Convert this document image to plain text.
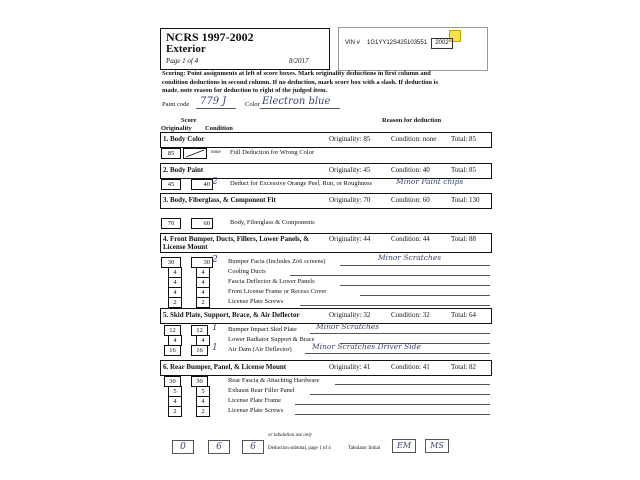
NCRS 1997-2002
Exterior
Page 1 of 4	8/2017
VIN # 1G1YY12S425103551	2002
Scoring: Point assignments at left of score boxes. Mark originality deductions in first column and
condition deductions in second column. If no deduction, mark score box with a slash. If deduction is
made, note reason for deduction to right of the judged item.
Paint code 779 J	Color Electron blue
Score
Originality Condition
Reason for deduction
1. Body Color	Originality: 85	Condition: none Total: 85
85	none Full Deduction for Wrong Color
2. Body Paint	Originality: 45	Condition: 40	Total: 85
45	40 2 Deduct for Excessive Orange Peel, Run, or Roughness	Minor Paint chips
3. Body, Fiberglass, & Component Fit	Originality: 70	Condition: 60	Total: 130
70	60	Body, Fiberglass & Components
4. Front Bumper, Ducts, Fillers, Lower Panels, &
License Mount
Originality: 44	Condition: 44	Total: 88
30	30 2 Bumper Facia (Includes Zo6 screens)	Minor Scratches
4	4	Cooling Ducts
4	4	Fascia Deflector & Lower Panels
4	4	Front License Frame or Recess Cover
2	2	License Plate Screws
5. Skid Plate, Support, Brace, & Air Deflector	Originality: 32	Condition: 32	Total: 64
12	12	1 Bumper Impact Skid Plate	Minor Scratches
4	4	Lower Radiator Support & Brace
16	16	1 Air Dam (Air Deflector)	Minor Scratches Driver Side
6. Rear Bumper, Panel, & License Mount	Originality: 41	Condition: 41	Total: 82
30	30	Rear Fascia & Attaching Hardware
5	5	Exhaust Rear Filler Panel
4	4	License Plate Frame
2	2	License Plate Screws
or tabulation use only
0	6	6	Deduction subtotal, page 1 of 4	Tabulator Initial	EM	MS
